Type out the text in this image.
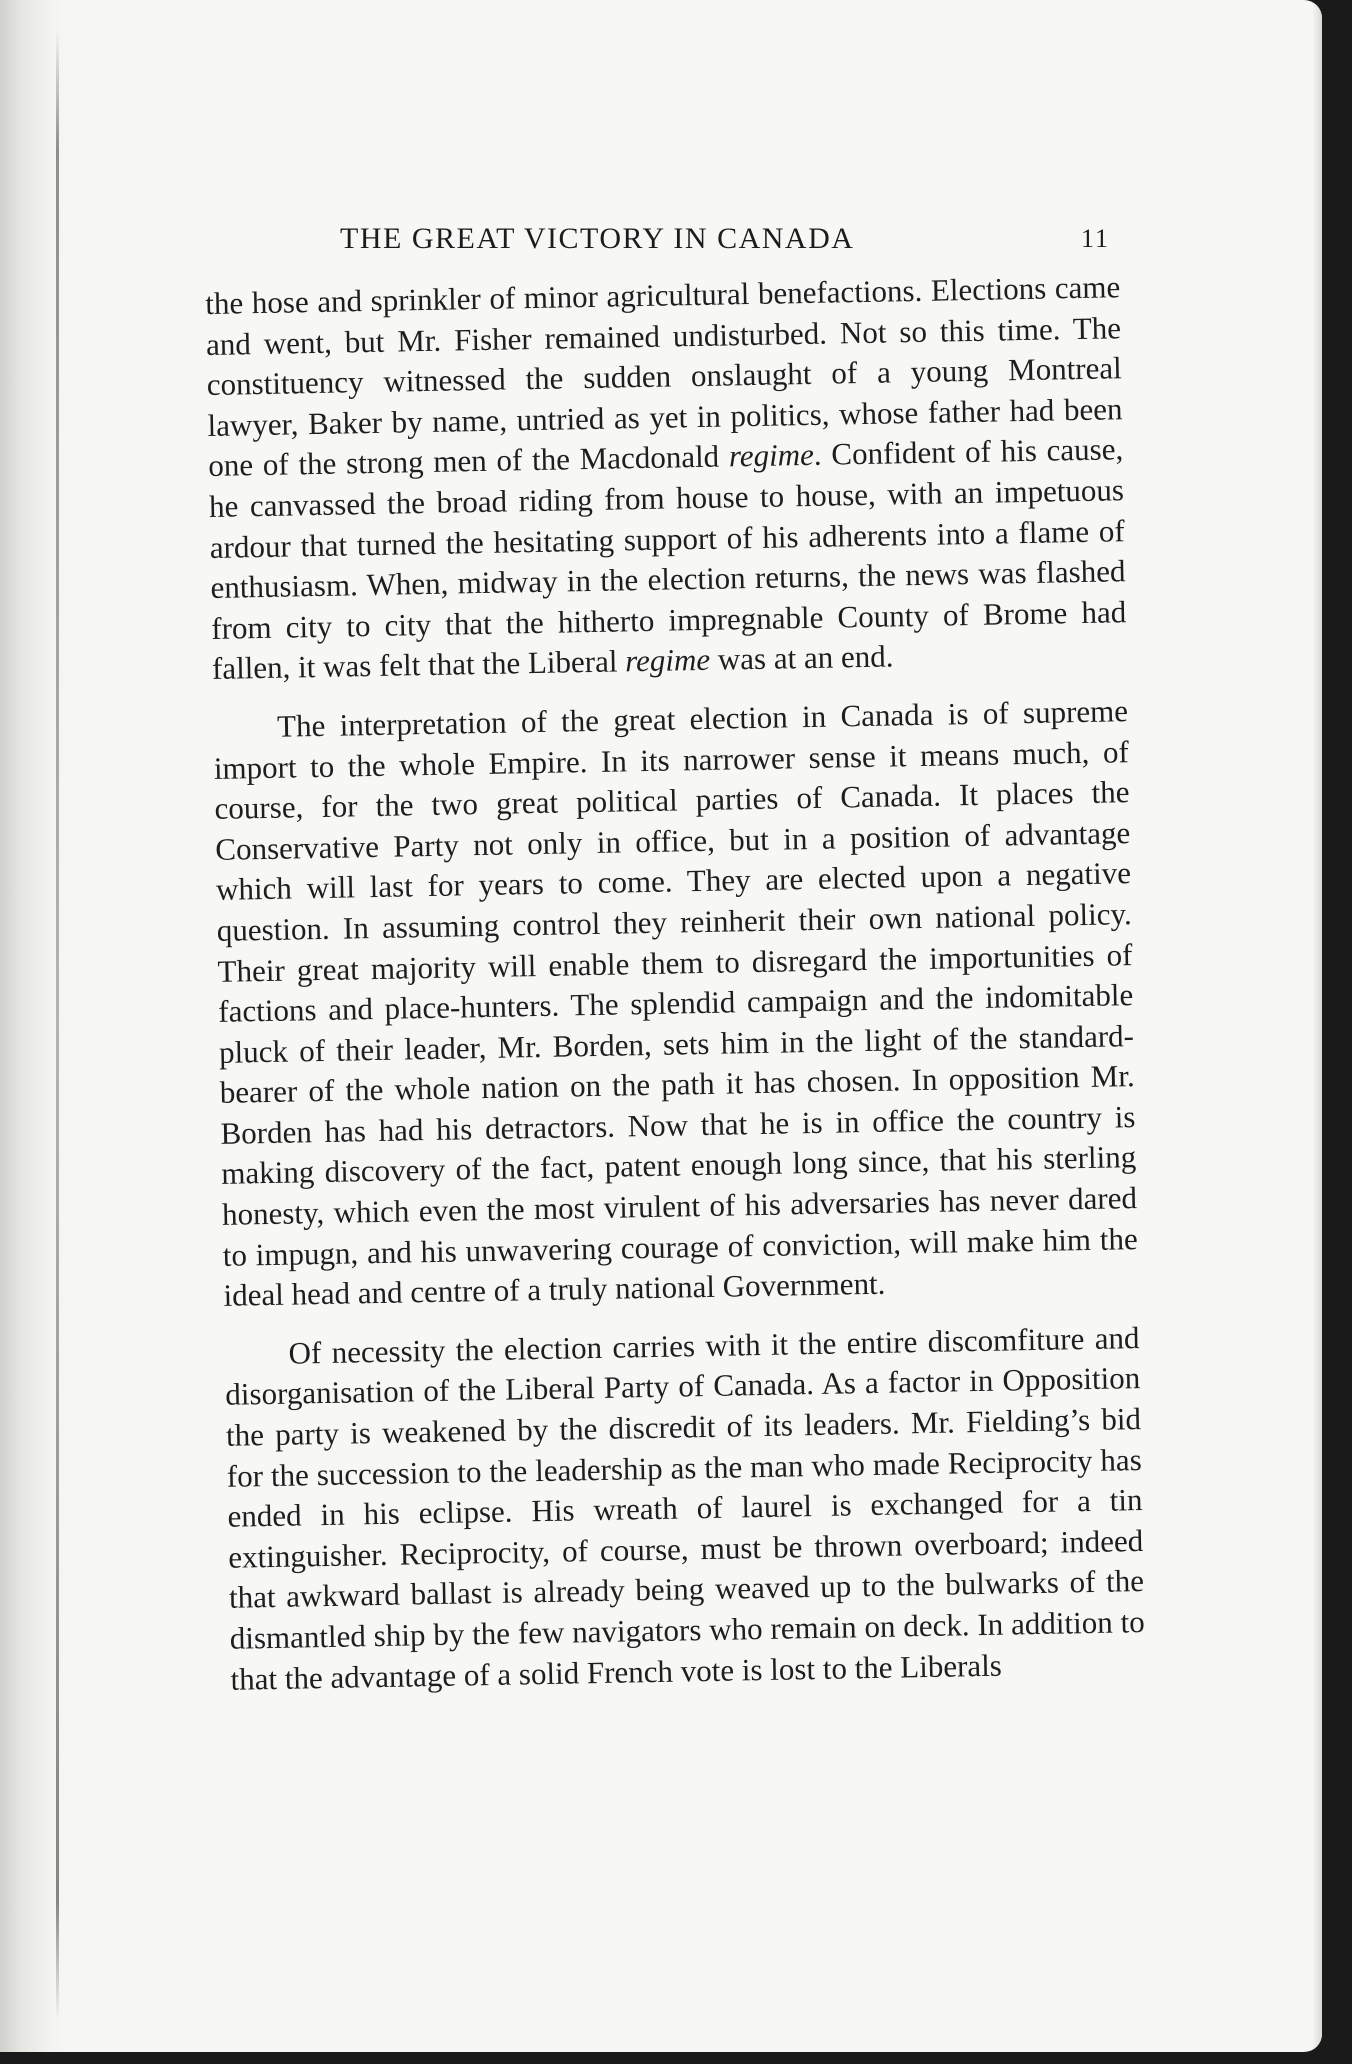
THE GREAT VICTORY IN CANADA	11

the hose and sprinkler of minor agricultural benefactions. Elections came and went, but Mr. Fisher remained undisturbed. Not so this time. The constituency witnessed the sudden onslaught of a young Montreal lawyer, Baker by name, untried as yet in politics, whose father had been one of the strong men of the Macdonald regime. Confident of his cause, he canvassed the broad riding from house to house, with an impetuous ardour that turned the hesitating support of his adherents into a flame of enthusiasm. When, midway in the election returns, the news was flashed from city to city that the hitherto impregnable County of Brome had fallen, it was felt that the Liberal regime was at an end.

The interpretation of the great election in Canada is of supreme import to the whole Empire. In its narrower sense it means much, of course, for the two great political parties of Canada. It places the Conservative Party not only in office, but in a position of advantage which will last for years to come. They are elected upon a negative question. In assuming control they reinherit their own national policy. Their great majority will enable them to disregard the importunities of factions and place-hunters. The splendid campaign and the indomitable pluck of their leader, Mr. Borden, sets him in the light of the standard-bearer of the whole nation on the path it has chosen. In opposition Mr. Borden has had his detractors. Now that he is in office the country is making discovery of the fact, patent enough long since, that his sterling honesty, which even the most virulent of his adversaries has never dared to impugn, and his unwavering courage of conviction, will make him the ideal head and centre of a truly national Government.

Of necessity the election carries with it the entire discomfiture and disorganisation of the Liberal Party of Canada. As a factor in Opposition the party is weakened by the discredit of its leaders. Mr. Fielding’s bid for the succession to the leadership as the man who made Reciprocity has ended in his eclipse. His wreath of laurel is exchanged for a tin extinguisher. Reciprocity, of course, must be thrown overboard; indeed that awkward ballast is already being weaved up to the bulwarks of the dismantled ship by the few navigators who remain on deck. In addition to that the advantage of a solid French vote is lost to the Liberals
